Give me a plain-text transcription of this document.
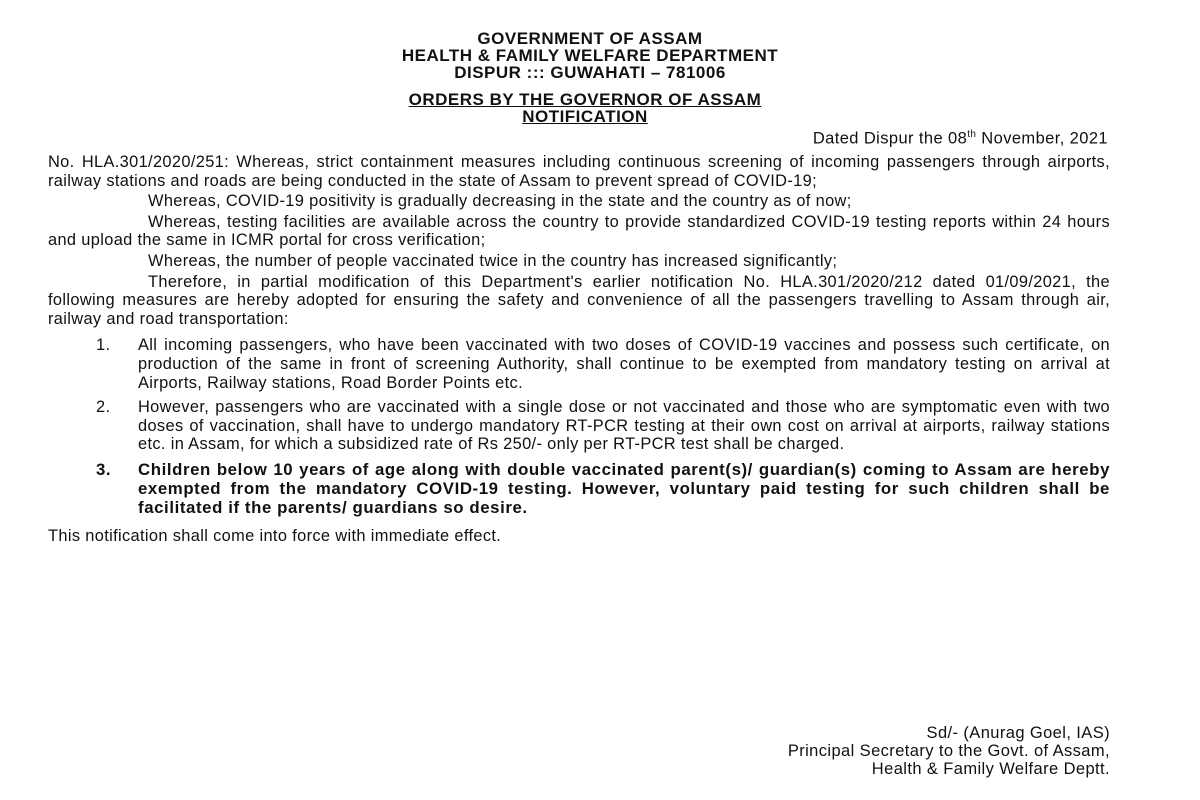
GOVERNMENT OF ASSAM
HEALTH & FAMILY WELFARE DEPARTMENT
DISPUR ::: GUWAHATI – 781006
ORDERS BY THE GOVERNOR OF ASSAM
NOTIFICATION
Dated Dispur the 08th November, 2021

No. HLA.301/2020/251: Whereas, strict containment measures including continuous screening of incoming passengers through airports, railway stations and roads are being conducted in the state of Assam to prevent spread of COVID-19;

Whereas, COVID-19 positivity is gradually decreasing in the state and the country as of now;

Whereas, testing facilities are available across the country to provide standardized COVID-19 testing reports within 24 hours and upload the same in ICMR portal for cross verification;

Whereas, the number of people vaccinated twice in the country has increased significantly;

Therefore, in partial modification of this Department's earlier notification No. HLA.301/2020/212 dated 01/09/2021, the following measures are hereby adopted for ensuring the safety and convenience of all the passengers travelling to Assam through air, railway and road transportation:

1. All incoming passengers, who have been vaccinated with two doses of COVID-19 vaccines and possess such certificate, on production of the same in front of screening Authority, shall continue to be exempted from mandatory testing on arrival at Airports, Railway stations, Road Border Points etc.
2. However, passengers who are vaccinated with a single dose or not vaccinated and those who are symptomatic even with two doses of vaccination, shall have to undergo mandatory RT-PCR testing at their own cost on arrival at airports, railway stations etc. in Assam, for which a subsidized rate of Rs 250/- only per RT-PCR test shall be charged.
3. Children below 10 years of age along with double vaccinated parent(s)/ guardian(s) coming to Assam are hereby exempted from the mandatory COVID-19 testing. However, voluntary paid testing for such children shall be facilitated if the parents/ guardians so desire.

This notification shall come into force with immediate effect.

Sd/- (Anurag Goel, IAS)
Principal Secretary to the Govt. of Assam,
Health & Family Welfare Deptt.
